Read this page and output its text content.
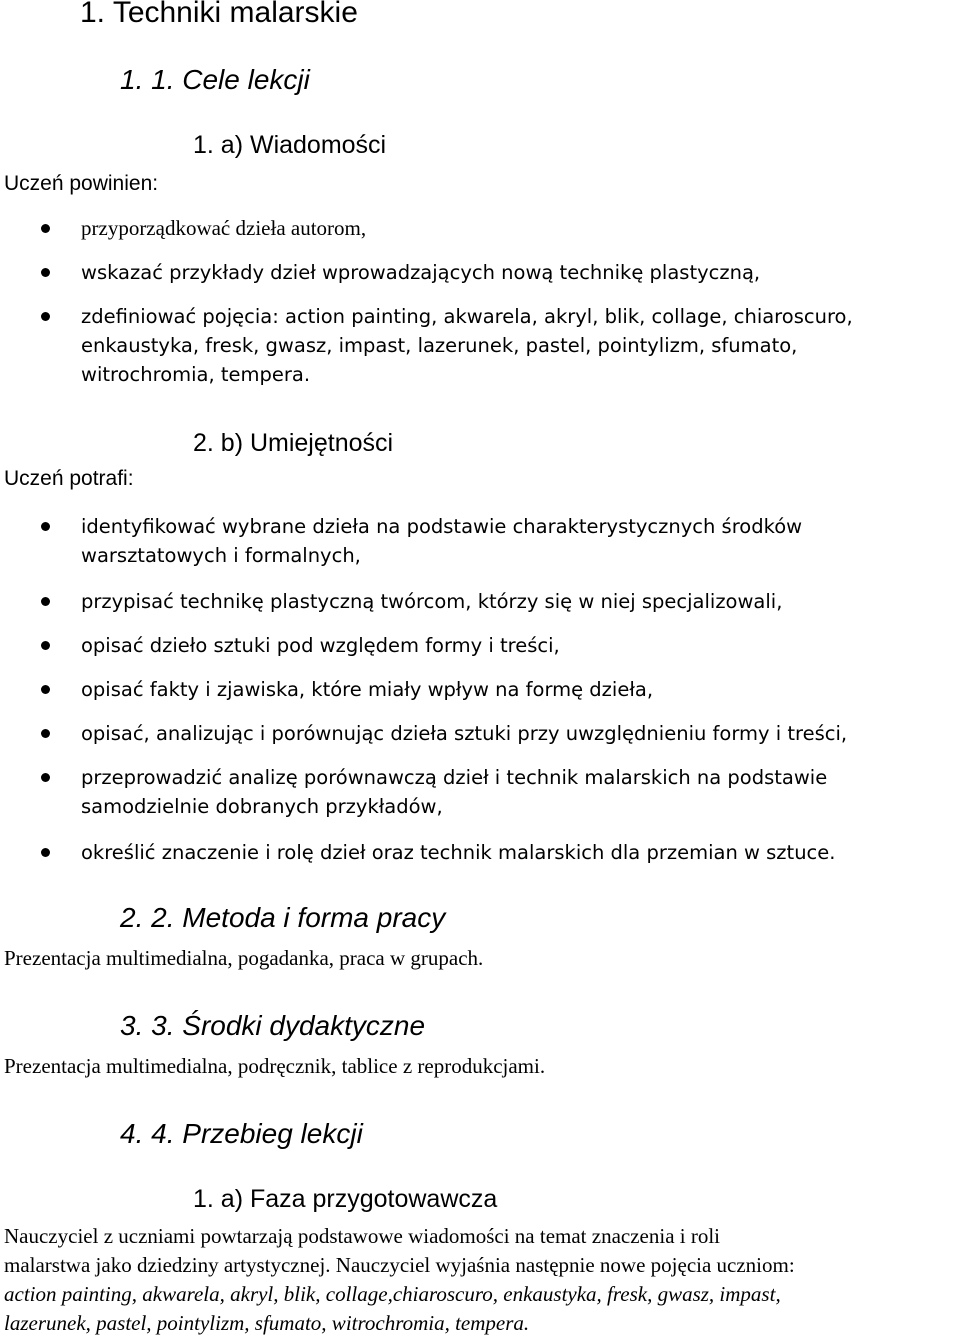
1. Techniki malarskie
1. 1. Cele lekcji
1. a) Wiadomości
Uczeń powinien:
przyporządkować dzieła autorom,
wskazać przykłady dzieł wprowadzających nową technikę plastyczną,
zdefiniować pojęcia: action painting, akwarela, akryl, blik, collage, chiaroscuro,
enkaustyka, fresk, gwasz, impast, lazerunek, pastel, pointylizm, sfumato,
witrochromia, tempera.
2. b) Umiejętności
Uczeń potrafi:
identyfikować wybrane dzieła na podstawie charakterystycznych środków
warsztatowych i formalnych,
przypisać technikę plastyczną twórcom, którzy się w niej specjalizowali,
opisać dzieło sztuki pod względem formy i treści,
opisać fakty i zjawiska, które miały wpływ na formę dzieła,
opisać, analizując i porównując dzieła sztuki przy uwzględnieniu formy i treści,
przeprowadzić analizę porównawczą dzieł i technik malarskich na podstawie
samodzielnie dobranych przykładów,
określić znaczenie i rolę dzieł oraz technik malarskich dla przemian w sztuce.
2. 2. Metoda i forma pracy
Prezentacja multimedialna, pogadanka, praca w grupach.
3. 3. Środki dydaktyczne
Prezentacja multimedialna, podręcznik, tablice z reprodukcjami.
4. 4. Przebieg lekcji
1. a) Faza przygotowawcza
Nauczyciel z uczniami powtarzają podstawowe wiadomości na temat znaczenia i roli
malarstwa jako dziedziny artystycznej. Nauczyciel wyjaśnia następnie nowe pojęcia uczniom:
action painting, akwarela, akryl, blik, collage,chiaroscuro, enkaustyka, fresk, gwasz, impast,
lazerunek, pastel, pointylizm, sfumato, witrochromia, tempera.
